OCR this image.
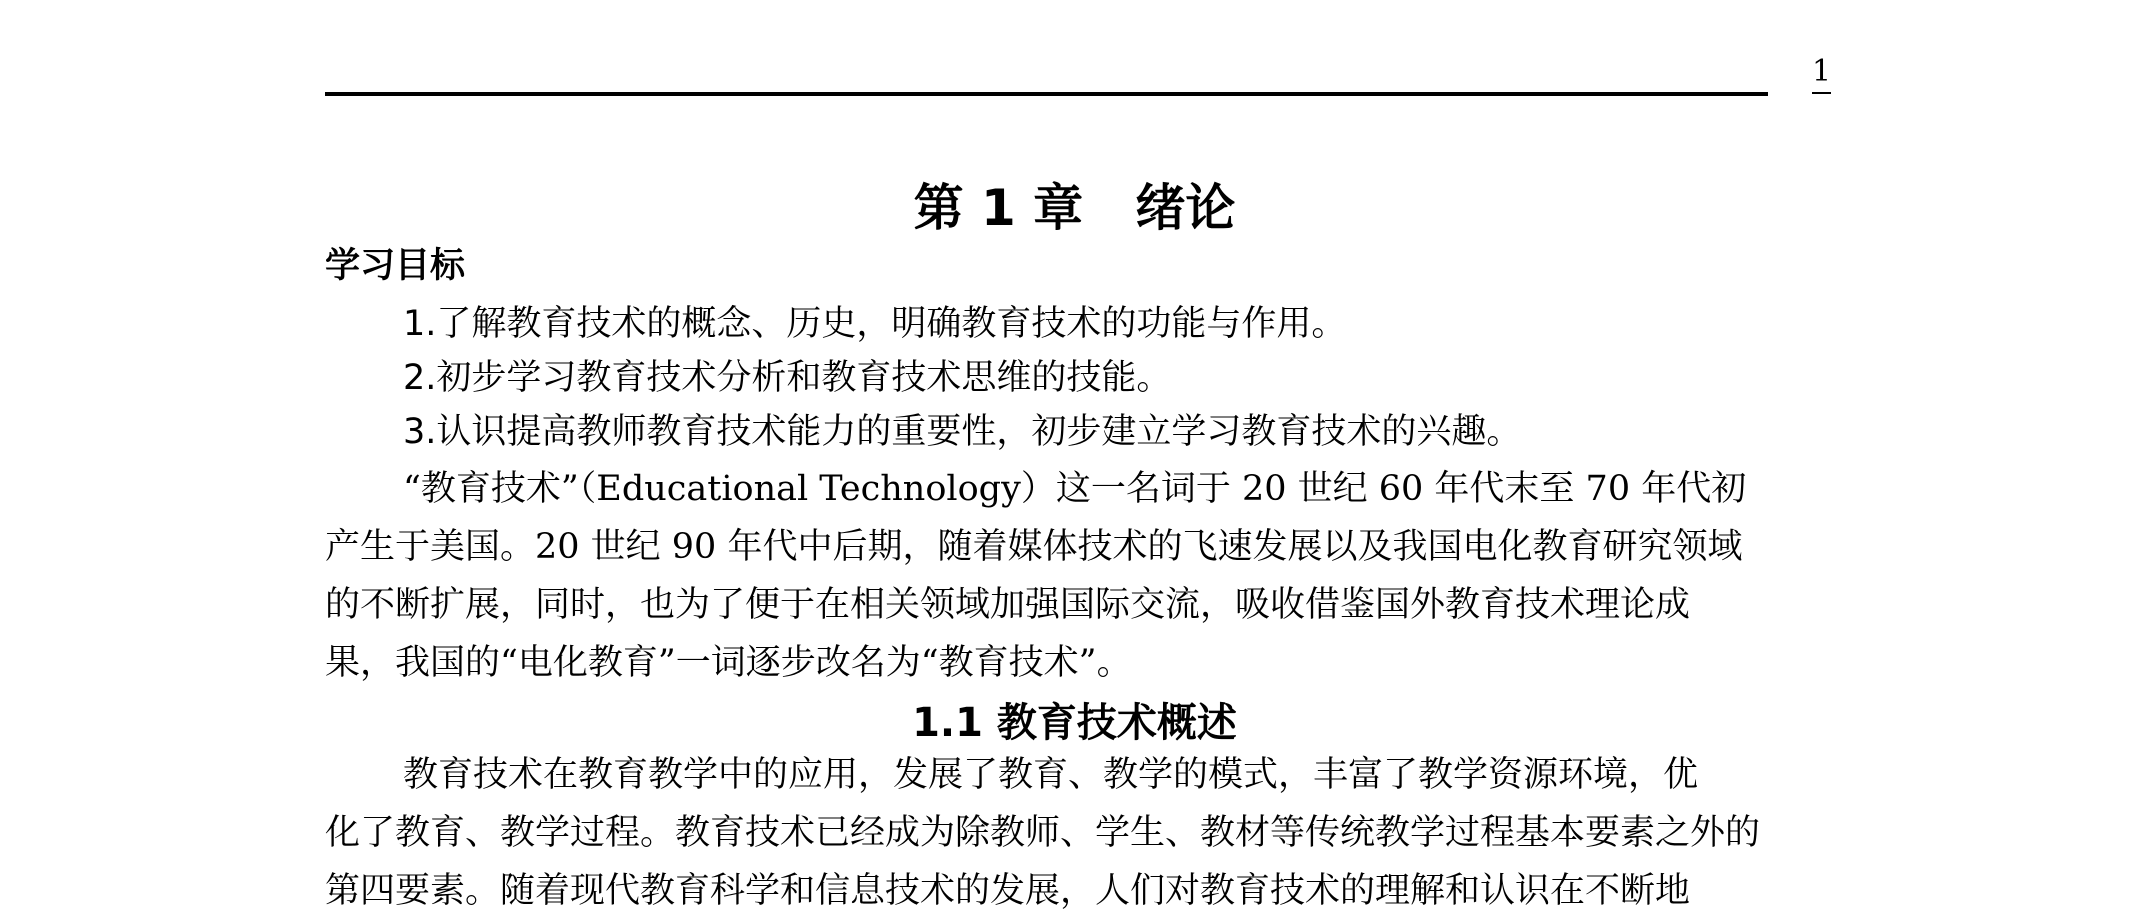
1
第 1 章   绪论
学习目标
1.了解教育技术的概念、历史，明确教育技术的功能与作用。
2.初步学习教育技术分析和教育技术思维的技能。
3.认识提高教师教育技术能力的重要性，初步建立学习教育技术的兴趣。
“教育技术”（Educational Technology）这一名词于 20 世纪 60 年代末至 70 年代初
产生于美国。20 世纪 90 年代中后期，随着媒体技术的飞速发展以及我国电化教育研究领域
的不断扩展，同时，也为了便于在相关领域加强国际交流，吸收借鉴国外教育技术理论成
果，我国的“电化教育”一词逐步改名为“教育技术”。
1.1 教育技术概述
教育技术在教育教学中的应用，发展了教育、教学的模式，丰富了教学资源环境，优
化了教育、教学过程。教育技术已经成为除教师、学生、教材等传统教学过程基本要素之外的
第四要素。随着现代教育科学和信息技术的发展，人们对教育技术的理解和认识在不断地
